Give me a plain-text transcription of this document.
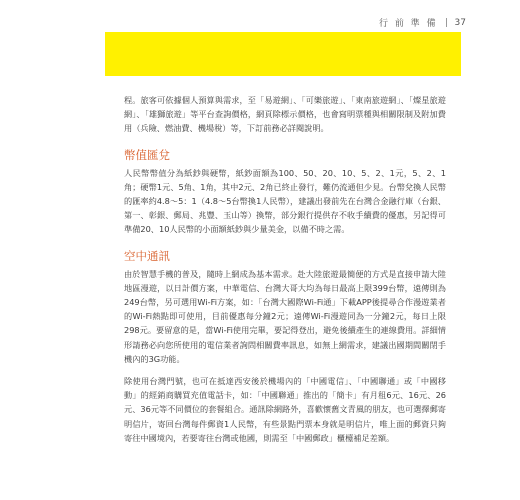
行 前 準 備 37

程。旅客可依據個人預算與需求，至「易遊網」、「可樂旅遊」、「東南旅遊網」、「燦星旅遊網」、「雄獅旅遊」等平台查詢價格，網頁除標示價格，也會寫明票種與相關限制及附加費用（兵險、燃油費、機場稅）等，下訂前務必詳閱說明。

幣值匯兌

人民幣幣值分為紙鈔與硬幣，紙鈔面額為100、50、20、10、5、2、1元，5、2、1角；硬幣1元、5角、1角，其中2元、2角已終止發行，難仍流通但少見。台幣兌換人民幣的匯率約4.8～5：1（4.8～5台幣換1人民幣），建議出發前先在台灣合金融行庫（台銀、第一、彰銀、郵局、兆豐、玉山等）換幣，部分銀行提供存不收手續費的優惠，另記得可準備20、10人民幣的小面額紙鈔與少量美金，以備不時之需。

空中通訊

由於智慧手機的普及，隨時上網成為基本需求。赴大陸旅遊最簡便的方式是直接申請大陸地區漫遊，以日計價方案，中華電信、台灣大哥大均為每日最高上限399台幣，遠傳則為249台幣，另可選用Wi-Fi方案，如：「台灣大國際Wi-Fi通」下載APP後提尋合作漫遊業者的Wi-Fi熱點即可使用，目前優惠每分鐘2元；遠傳Wi-Fi漫遊同為一分鐘2元，每日上限298元。要留意的是，當Wi-Fi使用完畢，要記得登出，避免後續產生的連線費用。詳細情形請務必向您所使用的電信業者詢問相關費率訊息，如無上網需求，建議出國期間關閉手機內的3G功能。

除使用台灣門號，也可在抵達西安後於機場內的「中國電信」、「中國聯通」或「中國移動」的經銷商購買充值電話卡，如：「中國聯通」推出的「簡卡」有月租6元、16元、26元、36元等不同價位的套餐組合。通訊除網路外，喜歡懷舊文青風的朋友，也可選擇郵寄明信片，寄回台灣每件郵資1人民幣，有些景點門票本身就是明信片，唯上面的郵資只夠寄往中國境內，若要寄往台灣或他國，則需至「中國郵政」櫃檯補足差額。
